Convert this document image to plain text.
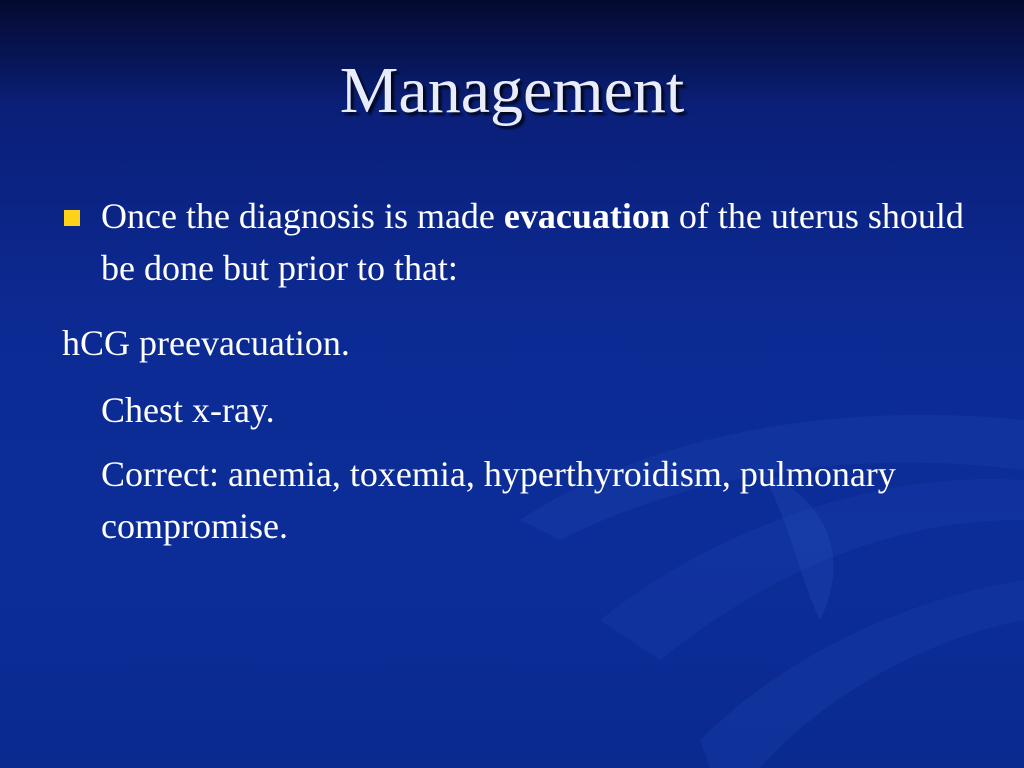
Management
Once the diagnosis is made evacuation of the uterus should be done but prior to that:
hCG preevacuation.
Chest x-ray.
Correct: anemia, toxemia, hyperthyroidism, pulmonary compromise.
